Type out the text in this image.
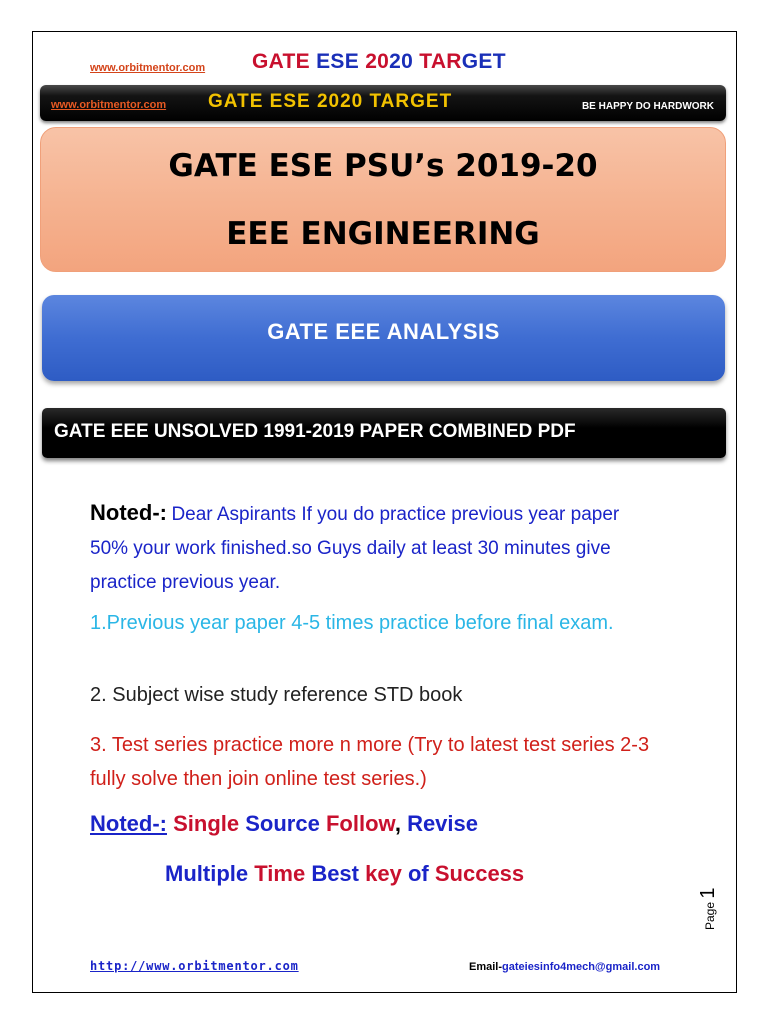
www.orbitmentor.com GATE ESE 2020 TARGET
www.orbitmentor.com GATE ESE 2020 TARGET	BE HAPPY DO HARDWORK
GATE ESE PSU’s 2019-20
EEE ENGINEERING
GATE EEE ANALYSIS
GATE EEE UNSOLVED 1991-2019 PAPER COMBINED PDF
Noted-: Dear Aspirants If you do practice previous year paper 50% your work finished.so Guys daily at least 30 minutes give practice previous year.
1.Previous year paper 4-5 times practice before final exam.
2. Subject wise study reference STD book
3. Test series practice more n more (Try to latest test series 2-3 fully solve then join online test series.)
Noted-: Single Source Follow, Revise
Multiple Time Best key of Success
Page 1
http://www.orbitmentor.com	Email-gateiesinfo4mech@gmail.com
